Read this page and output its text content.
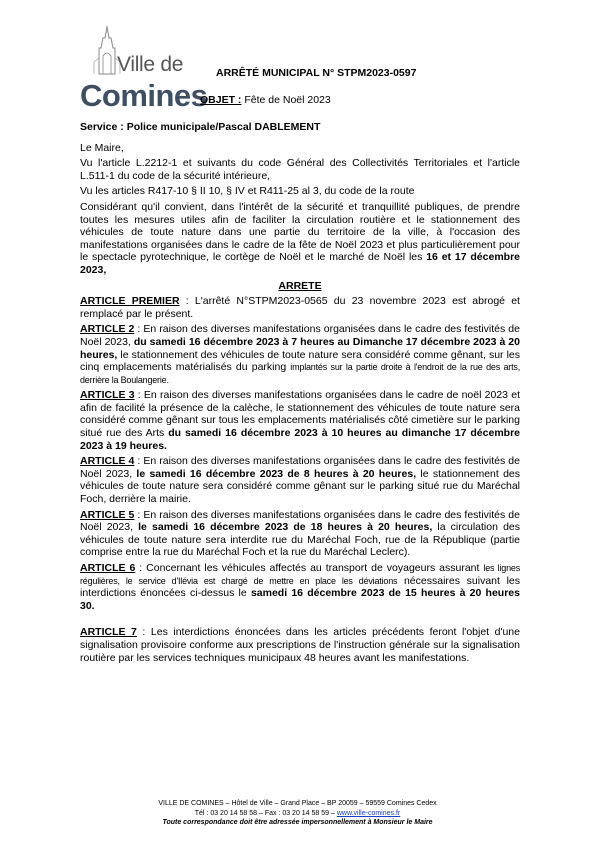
Ville de
Comines
ARRÊTÉ MUNICIPAL N° STPM2023-0597
OBJET : Fête de Noël 2023

Service : Police municipale/Pascal DABLEMENT

Le Maire,

Vu l'article L.2212-1 et suivants du code Général des Collectivités Territoriales et l'article L.511-1 du code de la sécurité intérieure,

Vu les articles R417-10 § II 10, § IV et R411-25 al 3, du code de la route

Considérant qu'il convient, dans l'intérêt de la sécurité et tranquillité publiques, de prendre toutes les mesures utiles afin de faciliter la circulation routière et le stationnement des véhicules de toute nature dans une partie du territoire de la ville, à l'occasion des manifestations organisées dans le cadre de la fête de Noël 2023 et plus particulièrement pour le spectacle pyrotechnique, le cortège de Noël et le marché de Noël les 16 et 17 décembre 2023,

ARRETE

ARTICLE PREMIER : L'arrêté N°STPM2023-0565 du 23 novembre 2023 est abrogé et remplacé par le présent.

ARTICLE 2 : En raison des diverses manifestations organisées dans le cadre des festivités de Noël 2023, du samedi 16 décembre 2023 à 7 heures au Dimanche 17 décembre 2023 à 20 heures, le stationnement des véhicules de toute nature sera considéré comme gênant, sur les cinq emplacements matérialisés du parking implantés sur la partie droite à l'endroit de la rue des arts, derrière la Boulangerie.

ARTICLE 3 : En raison des diverses manifestations organisées dans le cadre de noël 2023 et afin de facilité la présence de la calèche, le stationnement des véhicules de toute nature sera considéré comme gênant sur tous les emplacements matérialisés côté cimetière sur le parking situé rue des Arts du samedi 16 décembre 2023 à 10 heures au dimanche 17 décembre 2023 à 19 heures.

ARTICLE 4 : En raison des diverses manifestations organisées dans le cadre des festivités de Noël 2023, le samedi 16 décembre 2023 de 8 heures à 20 heures, le stationnement des véhicules de toute nature sera considéré comme gênant sur le parking situé rue du Maréchal Foch, derrière la mairie.

ARTICLE 5 : En raison des diverses manifestations organisées dans le cadre des festivités de Noël 2023, le samedi 16 décembre 2023 de 18 heures à 20 heures, la circulation des véhicules de toute nature sera interdite rue du Maréchal Foch, rue de la République (partie comprise entre la rue du Maréchal Foch et la rue du Maréchal Leclerc).

ARTICLE 6 : Concernant les véhicules affectés au transport de voyageurs assurant les lignes régulières, le service d'Ilévia est chargé de mettre en place les déviations nécessaires suivant les interdictions énoncées ci-dessus le samedi 16 décembre 2023 de 15 heures à 20 heures 30.

ARTICLE 7 : Les interdictions énoncées dans les articles précédents feront l'objet d'une signalisation provisoire conforme aux prescriptions de l'instruction générale sur la signalisation routière par les services techniques municipaux 48 heures avant les manifestations.

VILLE DE COMINES – Hôtel de Ville – Grand Place – BP 20059 – 59559 Comines Cedex
Tél : 03 20 14 58 58 – Fax : 03 20 14 58 59 – www.ville-comines.fr
Toute correspondance doit être adressée impersonnellement à Monsieur le Maire
